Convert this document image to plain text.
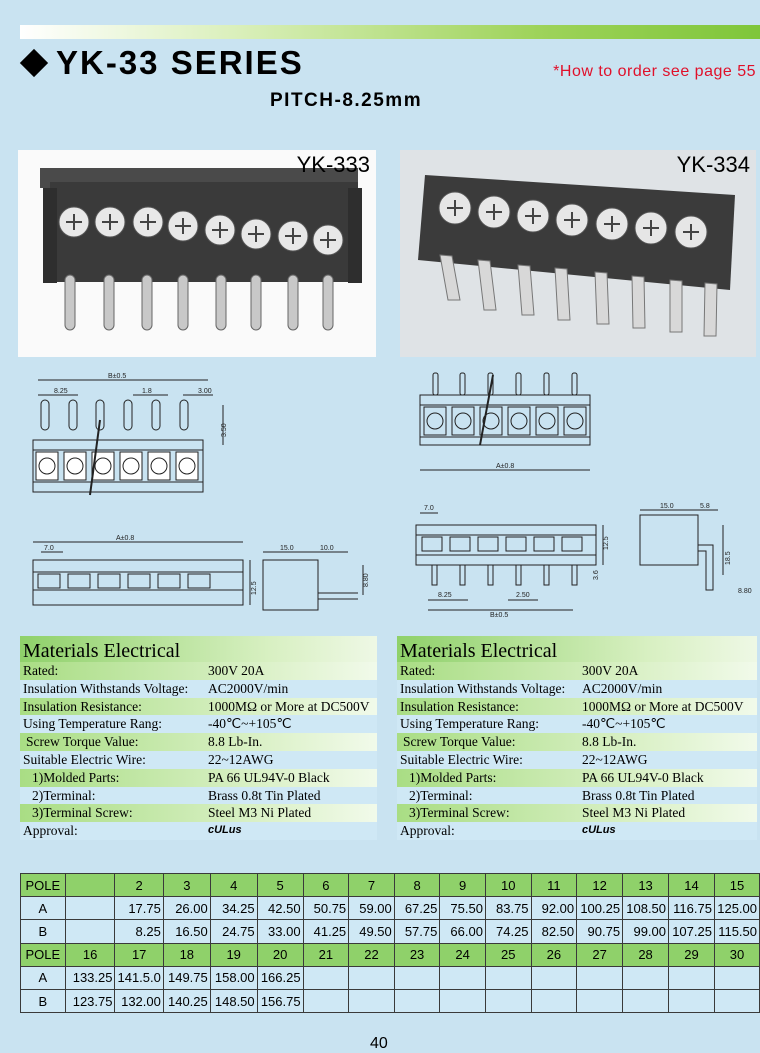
YK-33 SERIES	*How to order see page 55
PITCH-8.25mm
YK-333	YK-334
B±0.5
8.25	1.8	3.00
3.50
A±0.8
7.0
12.5
15.0	10.0
8.80
A±0.8
7.0
12.5
3.6
8.25	2.50
B±0.5
15.0	5.8
18.5
8.80
Materials Electrical
Rated:	300V 20A
Insulation Withstands Voltage: AC2000V/min
Insulation Resistance:	1000MΩ or More at DC500V
Using Temperature Rang:	-40℃~+105℃
Screw Torque Value:	8.8 Lb-In.
Suitable Electric Wire:	22~12AWG
1)Molded Parts:	PA 66 UL94V-0 Black
2)Terminal:	Brass 0.8t Tin Plated
3)Terminal Screw:	Steel M3 Ni Plated
Approval:	cULus
Materials Electrical
Rated:	300V 20A
Insulation Withstands Voltage: AC2000V/min
Insulation Resistance:	1000MΩ or More at DC500V
Using Temperature Rang:	-40℃~+105℃
Screw Torque Value:	8.8 Lb-In.
Suitable Electric Wire:	22~12AWG
1)Molded Parts:	PA 66 UL94V-0 Black
2)Terminal:	Brass 0.8t Tin Plated
3)Terminal Screw:	Steel M3 Ni Plated
Approval:	cULus
POLE		2	3	4	5	6	7	8	9	10	11	12	13	14	15
A		17.75	26.00	34.25	42.50	50.75	59.00	67.25	75.50	83.75	92.00	100.25	108.50	116.75	125.00
B		8.25	16.50	24.75	33.00	41.25	49.50	57.75	66.00	74.25	82.50	90.75	99.00	107.25	115.50
POLE	16	17	18	19	20	21	22	23	24	25	26	27	28	29	30
A	133.25	141.5.0	149.75	158.00	166.25										
B	123.75	132.00	140.25	148.50	156.75										
40
